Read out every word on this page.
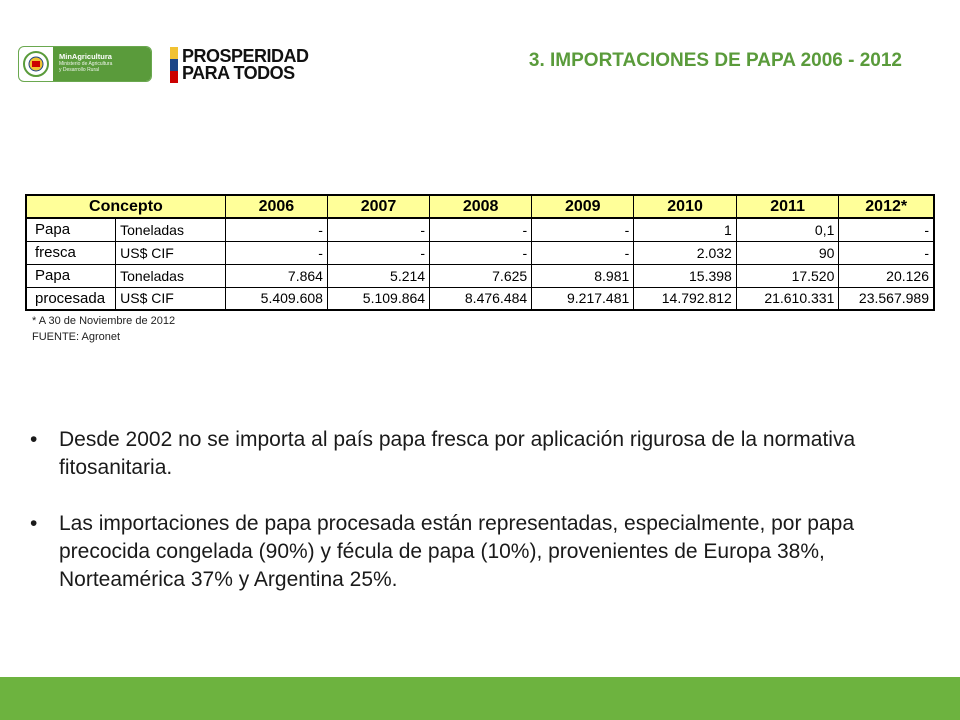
MinAgricultura
Ministerio de Agricultura
y Desarrollo Rural
PROSPERIDAD
PARA TODOS
3. IMPORTACIONES DE PAPA 2006 - 2012
Concepto		2006	2007	2008	2009	2010	2011	2012*
Papa	Toneladas	-	-	-	-	1	0,1	-
fresca	US$ CIF	-	-	-	-	2.032	90	-
Papa	Toneladas	7.864	5.214	7.625	8.981	15.398	17.520	20.126
procesada	US$ CIF	5.409.608	5.109.864	8.476.484	9.217.481	14.792.812	21.610.331	23.567.989
* A 30 de Noviembre de 2012
FUENTE: Agronet
• Desde 2002 no se importa al país papa fresca por aplicación rigurosa de la normativa fitosanitaria.
• Las importaciones de papa procesada están representadas, especialmente, por papa precocida congelada (90%) y fécula de papa (10%), provenientes de Europa 38%, Norteamérica 37% y Argentina 25%.
